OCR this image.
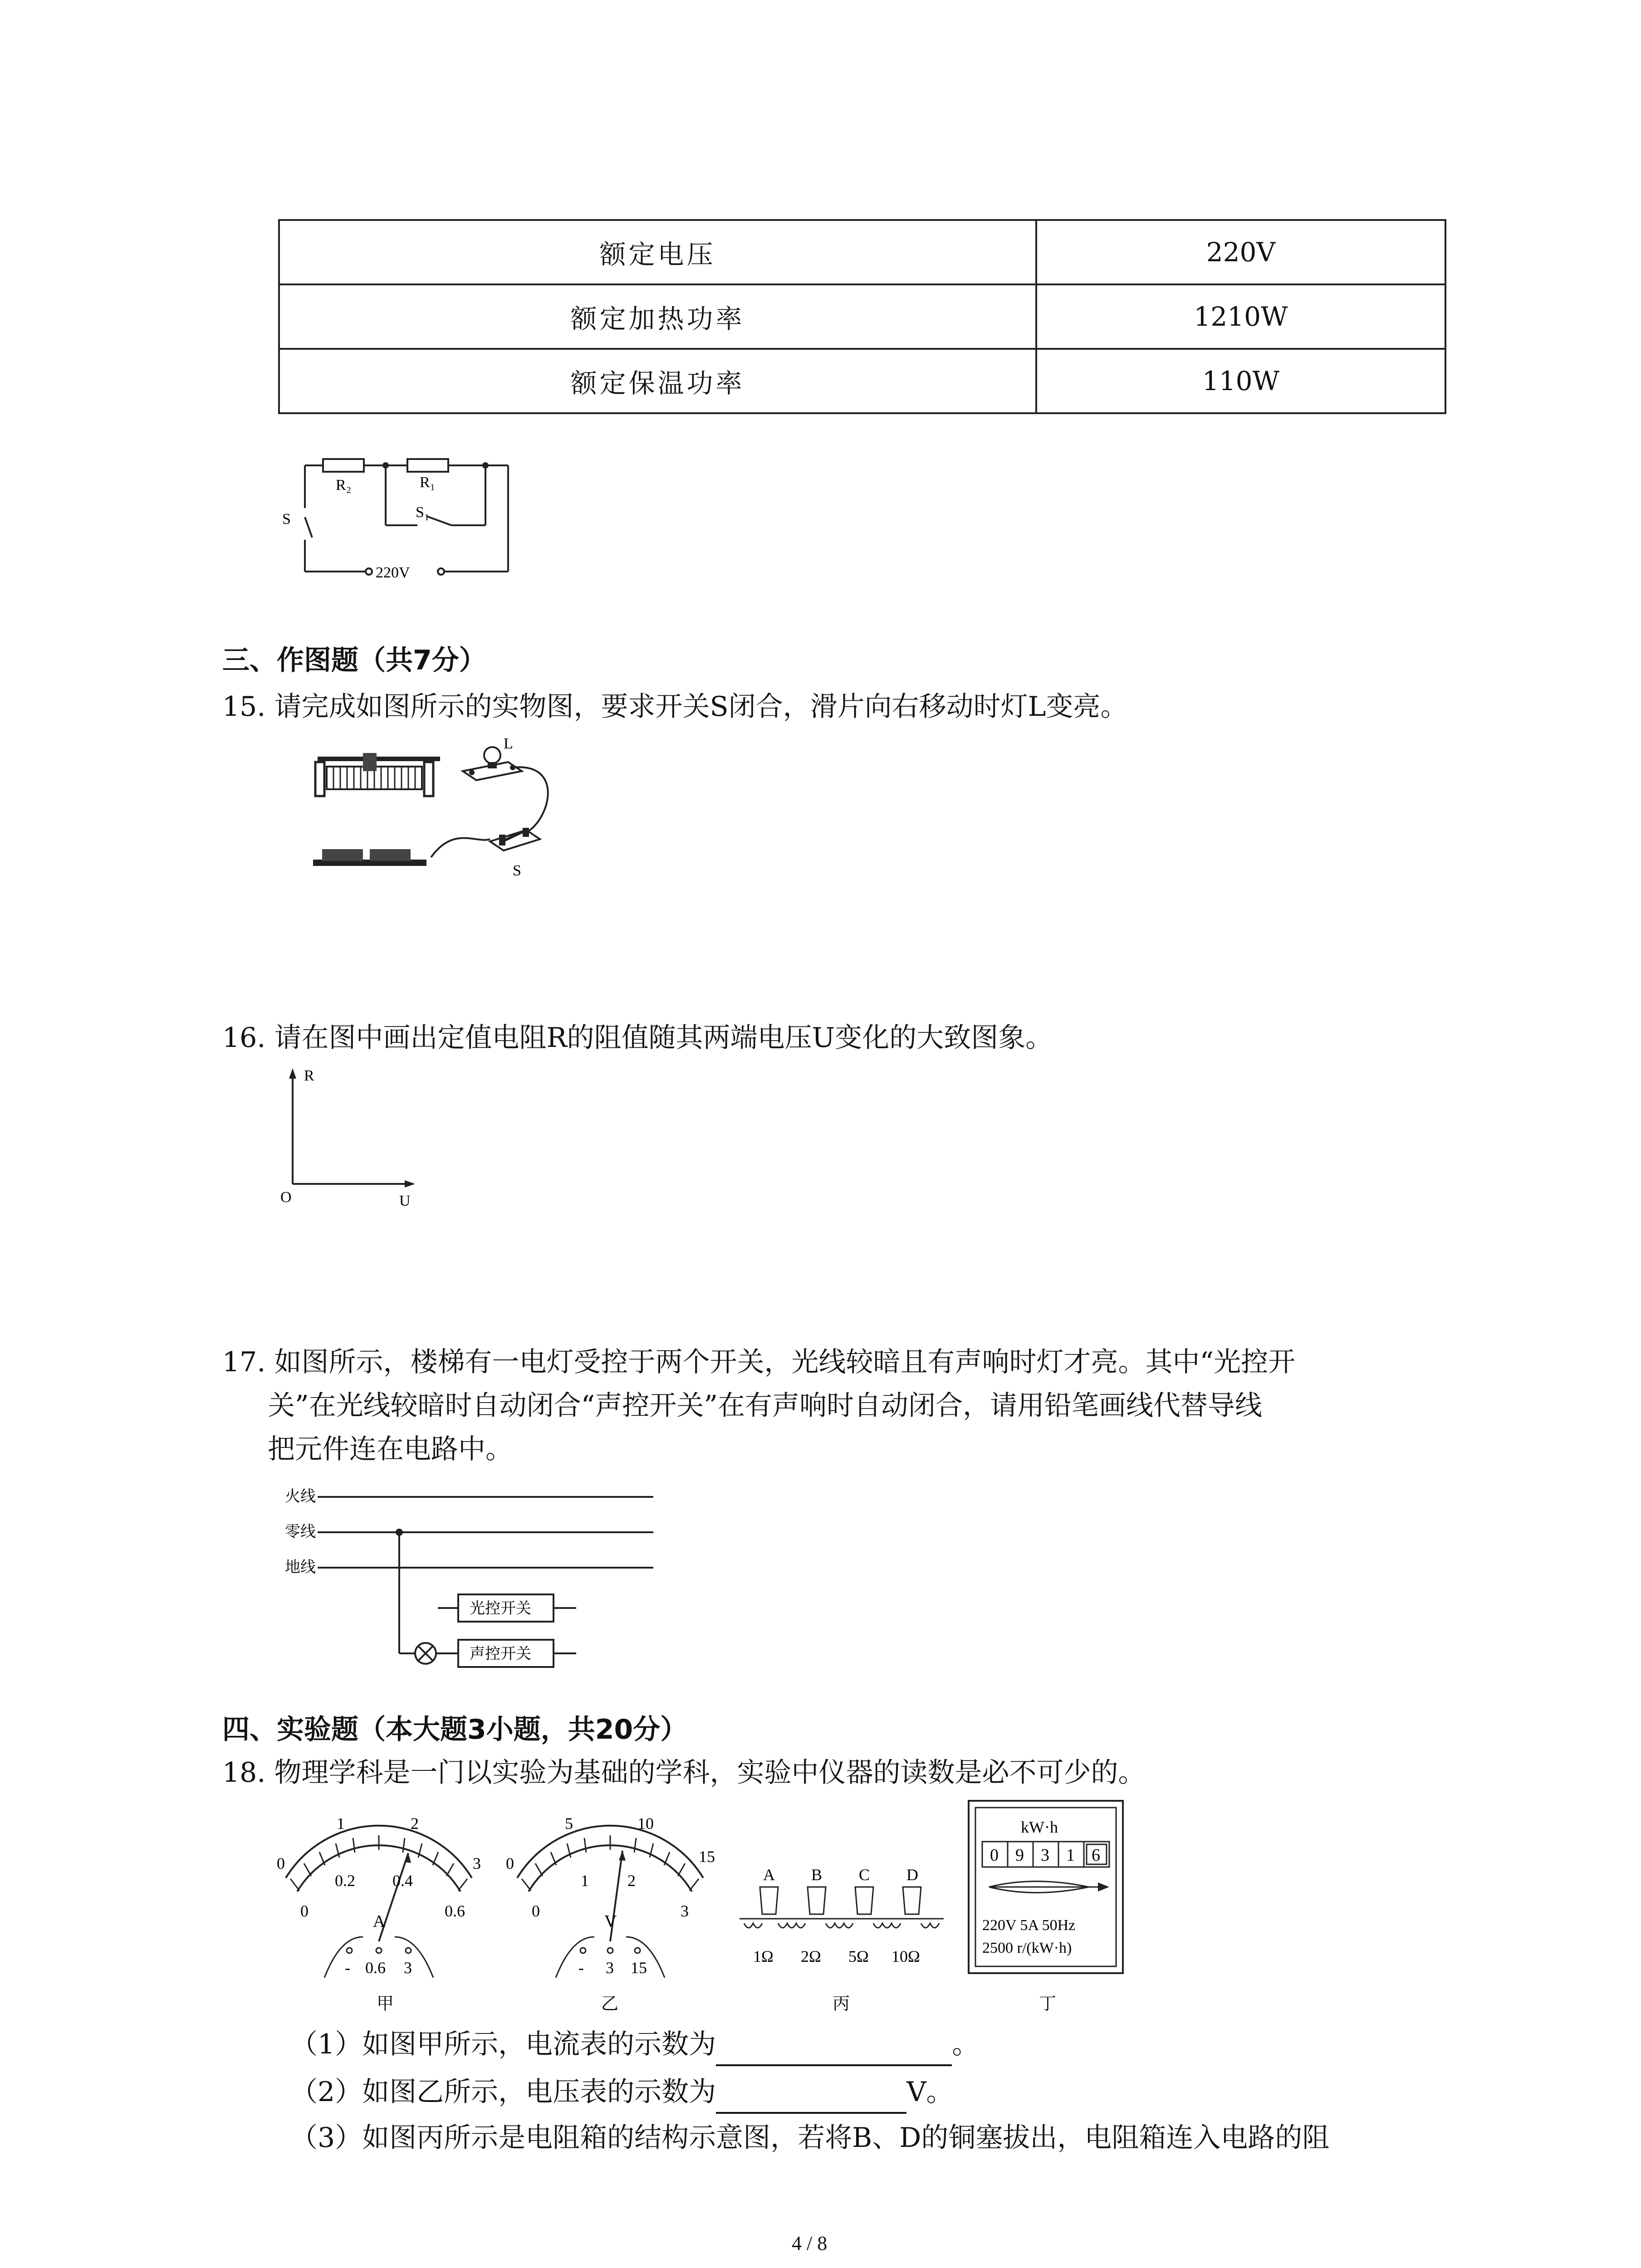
额定电压	220V
额定加热功率	1210W
额定保温功率	110W
R₂	R₁
S	S₁
220V
三、作图题（共7分）
15. 请完成如图所示的实物图，要求开关S闭合，滑片向右移动时灯L变亮。
L
S
16. 请在图中画出定值电阻R的阻值随其两端电压U变化的大致图象。
R
U
O
17. 如图所示，楼梯有一电灯受控于两个开关，光线较暗且有声响时灯才亮。其中“光控开
关”在光线较暗时自动闭合“声控开关”在有声响时自动闭合，请用铅笔画线代替导线
把元件连在电路中。
火线
零线
地线
光控开关
声控开关
四、实验题（本大题3小题，共20分）
18. 物理学科是一门以实验为基础的学科，实验中仪器的读数是必不可少的。
0
1	2
3
0
0.2 0.4
0.6
A
- 0.6 3
甲
0
5	10
15
0
1 2
3
V
- 3 15
乙
A B C D
1Ω 2Ω 5Ω 10Ω
丙
kW·h
0 9 3 1 6
220V 5A 50Hz
2500 r/(kW·h)
丁
（1）如图甲所示，电流表的示数为	。
（2）如图乙所示，电压表的示数为	V。
（3）如图丙所示是电阻箱的结构示意图，若将B、D的铜塞拔出，电阻箱连入电路的阻
4 / 8
